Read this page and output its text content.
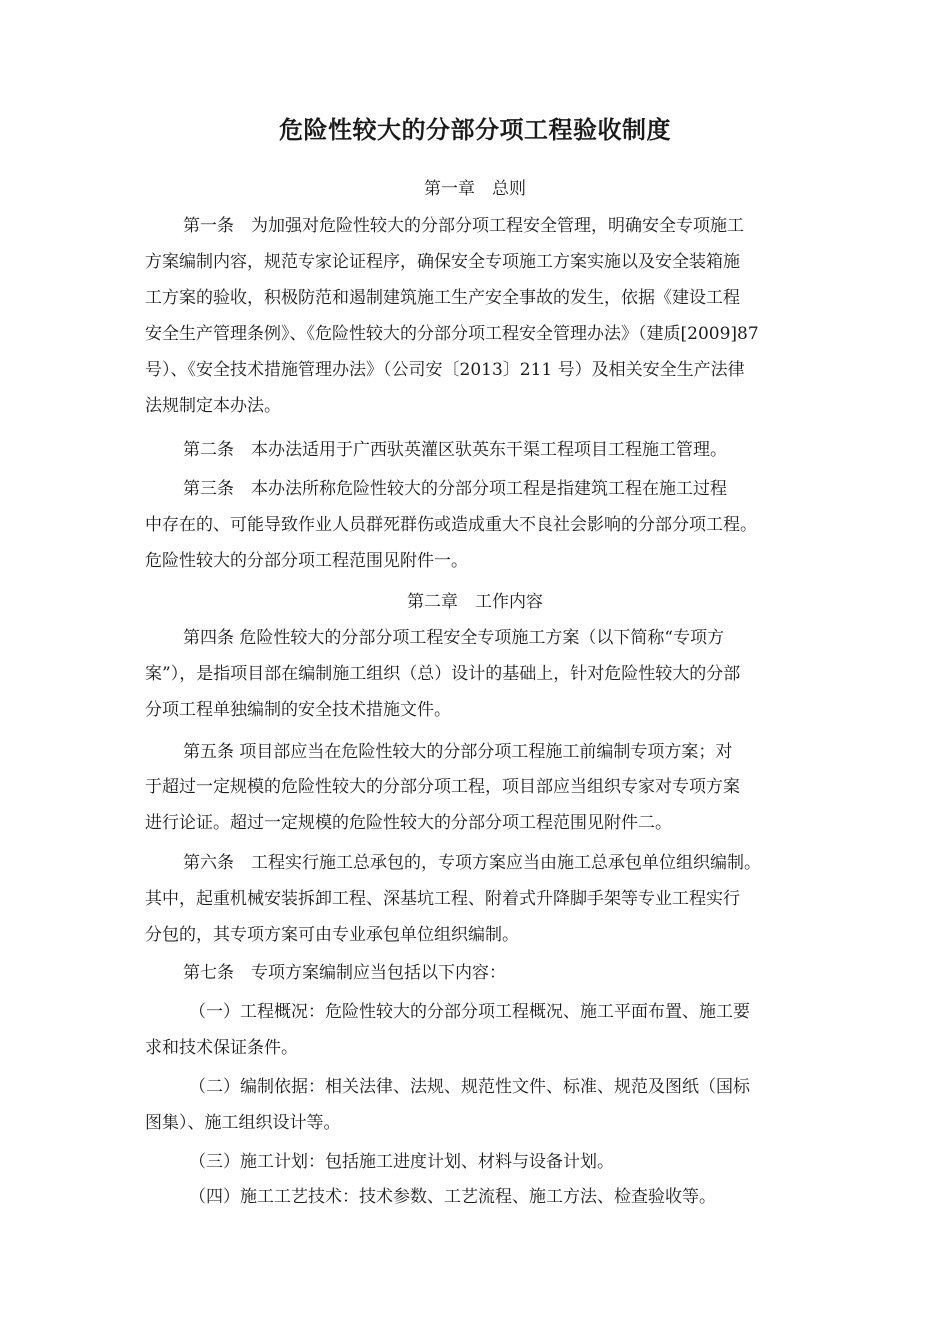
危险性较大的分部分项工程验收制度

第一章　总则

第一条　为加强对危险性较大的分部分项工程安全管理，明确安全专项施工

方案编制内容，规范专家论证程序，确保安全专项施工方案实施以及安全装箱施

工方案的验收，积极防范和遏制建筑施工生产安全事故的发生，依据《建设工程

安全生产管理条例》、《危险性较大的分部分项工程安全管理办法》（建质[2009]87

号）、《安全技术措施管理办法》（公司安〔2013〕211 号）及相关安全生产法律

法规制定本办法。

第二条　本办法适用于广西驮英灌区驮英东干渠工程项目工程施工管理。

第三条　本办法所称危险性较大的分部分项工程是指建筑工程在施工过程

中存在的、可能导致作业人员群死群伤或造成重大不良社会影响的分部分项工程。

危险性较大的分部分项工程范围见附件一。

第二章　工作内容

第四条 危险性较大的分部分项工程安全专项施工方案（以下简称“专项方

案”），是指项目部在编制施工组织（总）设计的基础上，针对危险性较大的分部

分项工程单独编制的安全技术措施文件。

第五条 项目部应当在危险性较大的分部分项工程施工前编制专项方案；对

于超过一定规模的危险性较大的分部分项工程，项目部应当组织专家对专项方案

进行论证。超过一定规模的危险性较大的分部分项工程范围见附件二。

第六条　工程实行施工总承包的，专项方案应当由施工总承包单位组织编制。

其中，起重机械安装拆卸工程、深基坑工程、附着式升降脚手架等专业工程实行

分包的，其专项方案可由专业承包单位组织编制。

第七条　专项方案编制应当包括以下内容：

（一）工程概况：危险性较大的分部分项工程概况、施工平面布置、施工要

求和技术保证条件。

（二）编制依据：相关法律、法规、规范性文件、标准、规范及图纸（国标

图集）、施工组织设计等。

（三）施工计划：包括施工进度计划、材料与设备计划。

（四）施工工艺技术：技术参数、工艺流程、施工方法、检查验收等。
